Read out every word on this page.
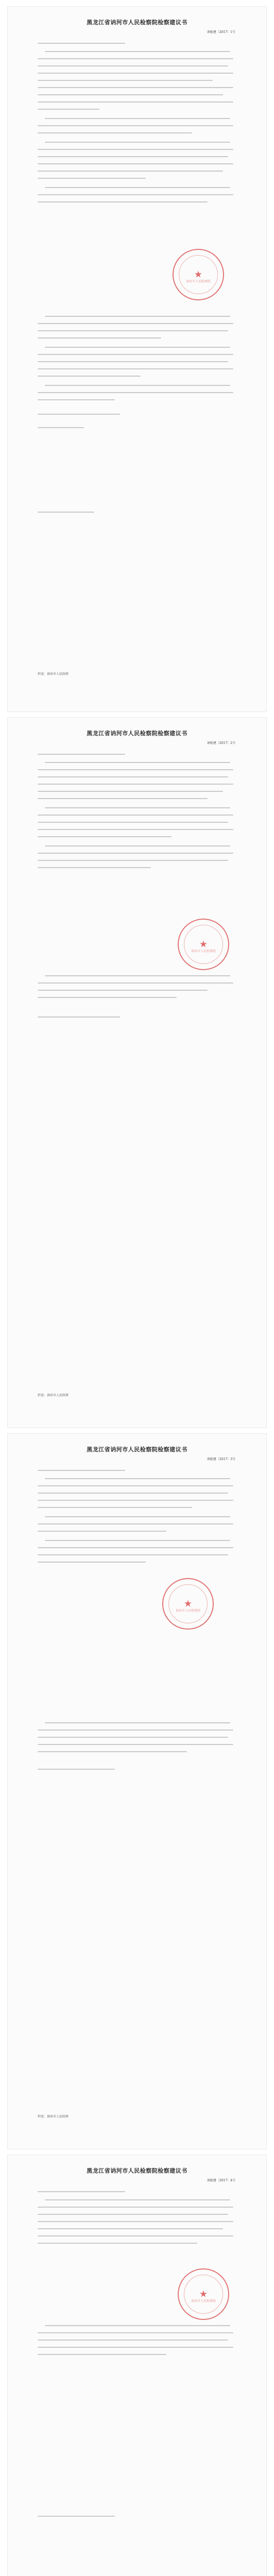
黑龙江省讷河市人民检察院检察建议书
讷检建〔2017〕1号
★
讷河市人民检察院
抄送：讷河市人民政府
黑龙江省讷河市人民检察院检察建议书
讷检建〔2017〕2号
★
讷河市人民检察院
抄送：讷河市人民政府
黑龙江省讷河市人民检察院检察建议书
讷检建〔2017〕3号
★
讷河市人民检察院
抄送：讷河市人民政府
黑龙江省讷河市人民检察院检察建议书
讷检建〔2017〕4号
★
讷河市人民检察院
